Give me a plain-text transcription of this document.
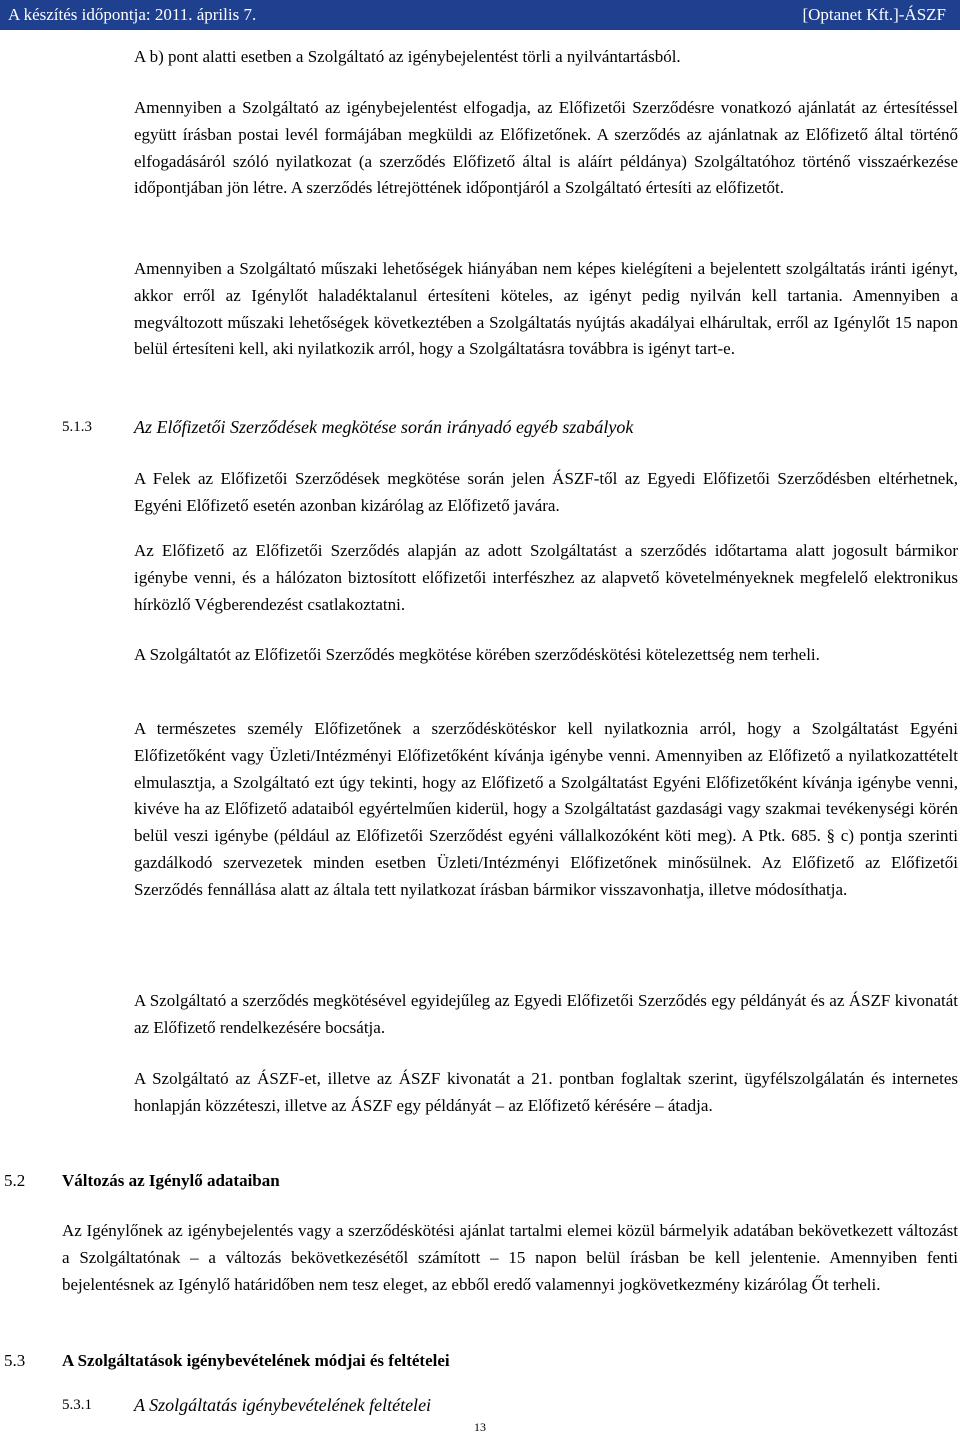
A készítés időpontja: 2011. április 7.	[Optanet Kft.]-ÁSZF

A b) pont alatti esetben a Szolgáltató az igénybejelentést törli a nyilvántartásból.

Amennyiben a Szolgáltató az igénybejelentést elfogadja, az Előfizetői Szerződésre vonatkozó ajánlatát az értesítéssel együtt írásban postai levél formájában megküldi az Előfizetőnek. A szerződés az ajánlatnak az Előfizető által történő elfogadásáról szóló nyilatkozat (a szerződés Előfizető által is aláírt példánya) Szolgáltatóhoz történő visszaérkezése időpontjában jön létre. A szerződés létrejöttének időpontjáról a Szolgáltató értesíti az előfizetőt.

Amennyiben a Szolgáltató műszaki lehetőségek hiányában nem képes kielégíteni a bejelentett szolgáltatás iránti igényt, akkor erről az Igénylőt haladéktalanul értesíteni köteles, az igényt pedig nyilván kell tartania. Amennyiben a megváltozott műszaki lehetőségek következtében a Szolgáltatás nyújtás akadályai elhárultak, erről az Igénylőt 15 napon belül értesíteni kell, aki nyilatkozik arról, hogy a Szolgáltatásra továbbra is igényt tart-e.

5.1.3 Az Előfizetői Szerződések megkötése során irányadó egyéb szabályok

A Felek az Előfizetői Szerződések megkötése során jelen ÁSZF-től az Egyedi Előfizetői Szerződésben eltérhetnek, Egyéni Előfizető esetén azonban kizárólag az Előfizető javára.

Az Előfizető az Előfizetői Szerződés alapján az adott Szolgáltatást a szerződés időtartama alatt jogosult bármikor igénybe venni, és a hálózaton biztosított előfizetői interfészhez az alapvető követelményeknek megfelelő elektronikus hírközlő Végberendezést csatlakoztatni.

A Szolgáltatót az Előfizetői Szerződés megkötése körében szerződéskötési kötelezettség nem terheli.

A természetes személy Előfizetőnek a szerződéskötéskor kell nyilatkoznia arról, hogy a Szolgáltatást Egyéni Előfizetőként vagy Üzleti/Intézményi Előfizetőként kívánja igénybe venni. Amennyiben az Előfizető a nyilatkozattételt elmulasztja, a Szolgáltató ezt úgy tekinti, hogy az Előfizető a Szolgáltatást Egyéni Előfizetőként kívánja igénybe venni, kivéve ha az Előfizető adataiból egyértelműen kiderül, hogy a Szolgáltatást gazdasági vagy szakmai tevékenységi körén belül veszi igénybe (például az Előfizetői Szerződést egyéni vállalkozóként köti meg). A Ptk. 685. § c) pontja szerinti gazdálkodó szervezetek minden esetben Üzleti/Intézményi Előfizetőnek minősülnek. Az Előfizető az Előfizetői Szerződés fennállása alatt az általa tett nyilatkozat írásban bármikor visszavonhatja, illetve módosíthatja.

A Szolgáltató a szerződés megkötésével egyidejűleg az Egyedi Előfizetői Szerződés egy példányát és az ÁSZF kivonatát az Előfizető rendelkezésére bocsátja.

A Szolgáltató az ÁSZF-et, illetve az ÁSZF kivonatát a 21. pontban foglaltak szerint, ügyfélszolgálatán és internetes honlapján közzéteszi, illetve az ÁSZF egy példányát – az Előfizető kérésére – átadja.

5.2 Változás az Igénylő adataiban

Az Igénylőnek az igénybejelentés vagy a szerződéskötési ajánlat tartalmi elemei közül bármelyik adatában bekövetkezett változást a Szolgáltatónak – a változás bekövetkezésétől számított – 15 napon belül írásban be kell jelentenie. Amennyiben fenti bejelentésnek az Igénylő határidőben nem tesz eleget, az ebből eredő valamennyi jogkövetkezmény kizárólag Őt terheli.

5.3 A Szolgáltatások igénybevételének módjai és feltételei
5.3.1 A Szolgáltatás igénybevételének feltételei
13
